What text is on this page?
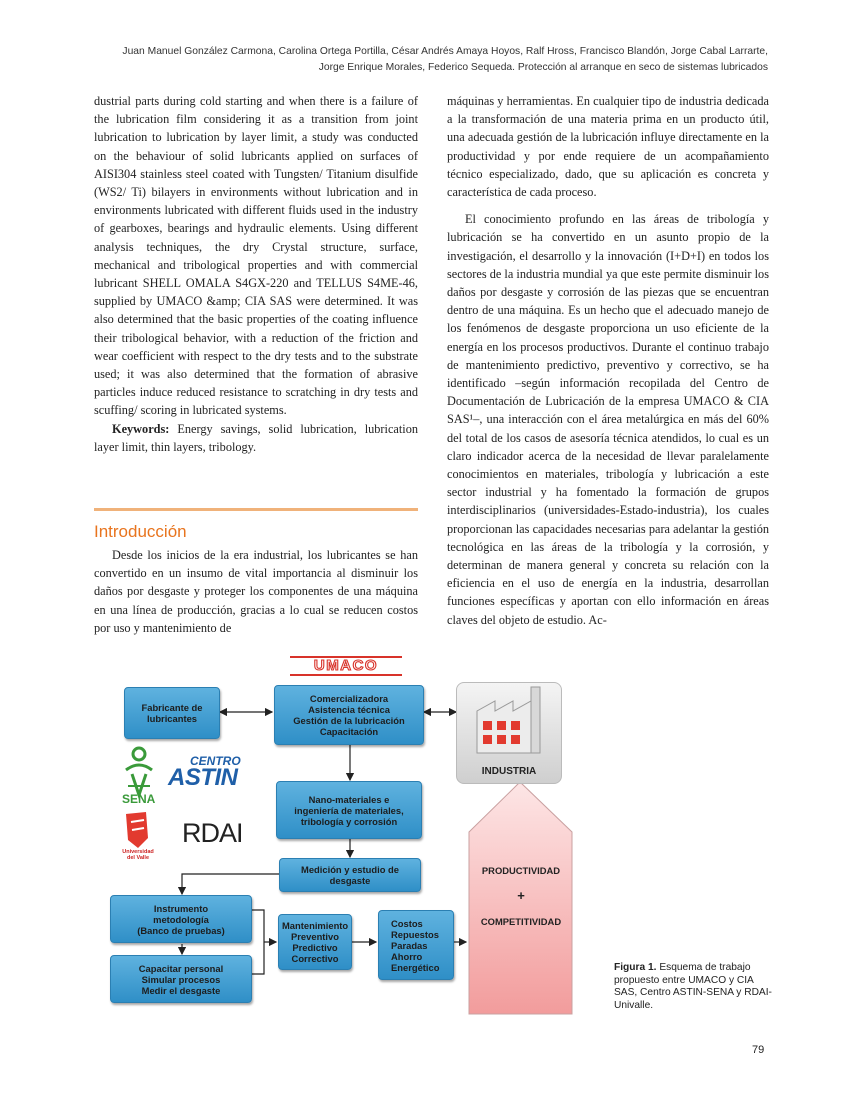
Juan Manuel González Carmona, Carolina Ortega Portilla, César Andrés Amaya Hoyos, Ralf Hross, Francisco Blandón, Jorge Cabal Larrarte,
Jorge Enrique Morales, Federico Sequeda. Protección al arranque en seco de sistemas lubricados

dustrial parts during cold starting and when there is a failure of the lubrication film considering it as a transition from joint lubrication to lubrication by layer limit, a study was conducted on the behaviour of solid lubricants applied on surfaces of AISI304 stainless steel coated with Tungsten/ Titanium disulfide (WS2/ Ti) bilayers in environments without lubrication and in environments lubricated with different fluids used in the industry of gearboxes, bearings and hydraulic elements. Using different analysis techniques, the dry Crystal structure, surface, mechanical and tribological properties and with commercial lubricant SHELL OMALA S4GX-220 and TELLUS S4ME-46, supplied by UMACO &amp; CIA SAS were determined. It was also determined that the basic properties of the coating influence their tribological behavior, with a reduction of the friction and wear coefficient with respect to the dry tests and to the substrate used; it was also determined that the formation of abrasive particles induce reduced resistance to scratching in dry tests and scuffing/ scoring in lubricated systems.

Keywords: Energy savings, solid lubrication, lubrication layer limit, thin layers, tribology.

Introducción

Desde los inicios de la era industrial, los lubricantes se han convertido en un insumo de vital importancia al disminuir los daños por desgaste y proteger los componentes de una máquina en una línea de producción, gracias a lo cual se reducen costos por uso y mantenimiento de

máquinas y herramientas. En cualquier tipo de industria dedicada a la transformación de una materia prima en un producto útil, una adecuada gestión de la lubricación influye directamente en la productividad y por ende requiere de un acompañamiento técnico especializado, dado, que su aplicación es concreta y característica de cada proceso.

El conocimiento profundo en las áreas de tribología y lubricación se ha convertido en un asunto propio de la investigación, el desarrollo y la innovación (I+D+I) en todos los sectores de la industria mundial ya que este permite disminuir los daños por desgaste y corrosión de las piezas que se encuentran dentro de una máquina. Es un hecho que el adecuado manejo de los fenómenos de desgaste proporciona un uso eficiente de la energía en los procesos productivos. Durante el continuo trabajo de mantenimiento predictivo, preventivo y correctivo, se ha identificado –según información recopilada del Centro de Documentación de Lubricación de la empresa UMACO & CIA SAS¹–, una interacción con el área metalúrgica en más del 60% del total de los casos de asesoría técnica atendidos, lo cual es un claro indicador acerca de la necesidad de llevar paralelamente conocimientos en materiales, tribología y lubricación a este sector industrial y ha fomentado la formación de grupos interdisciplinarios (universidades-Estado-industria), los cuales proporcionan las capacidades necesarias para adelantar la gestión tecnológica en las áreas de la tribología y la corrosión, y determinan de manera general y concreta su relación con la eficiencia en el uso de energía en la industria, desarrollan funciones específicas y aportan con ello información en áreas claves del objeto de estudio. Ac-

UMACO
Fabricante de
lubricantes
Comercializadora
Asistencia técnica
Gestión de la lubricación
Capacitación
INDUSTRIA
Nano-materiales e
ingeniería de materiales,
tribología y corrosión
Medición y estudio de
desgaste
Instrumento
metodología
(Banco de pruebas)
Capacitar personal
Simular procesos
Medir el desgaste
Mantenimiento
Preventivo
Predictivo
Correctivo
Costos
Repuestos
Paradas
Ahorro
Energético
PRODUCTIVIDAD
+
COMPETITIVIDAD
SENA
CENTRO
ASTIN
Universidad
del Valle
RDAI
Figura 1. Esquema de trabajo propuesto entre UMACO y CIA SAS, Centro ASTIN-SENA y RDAI-Univalle.
79
